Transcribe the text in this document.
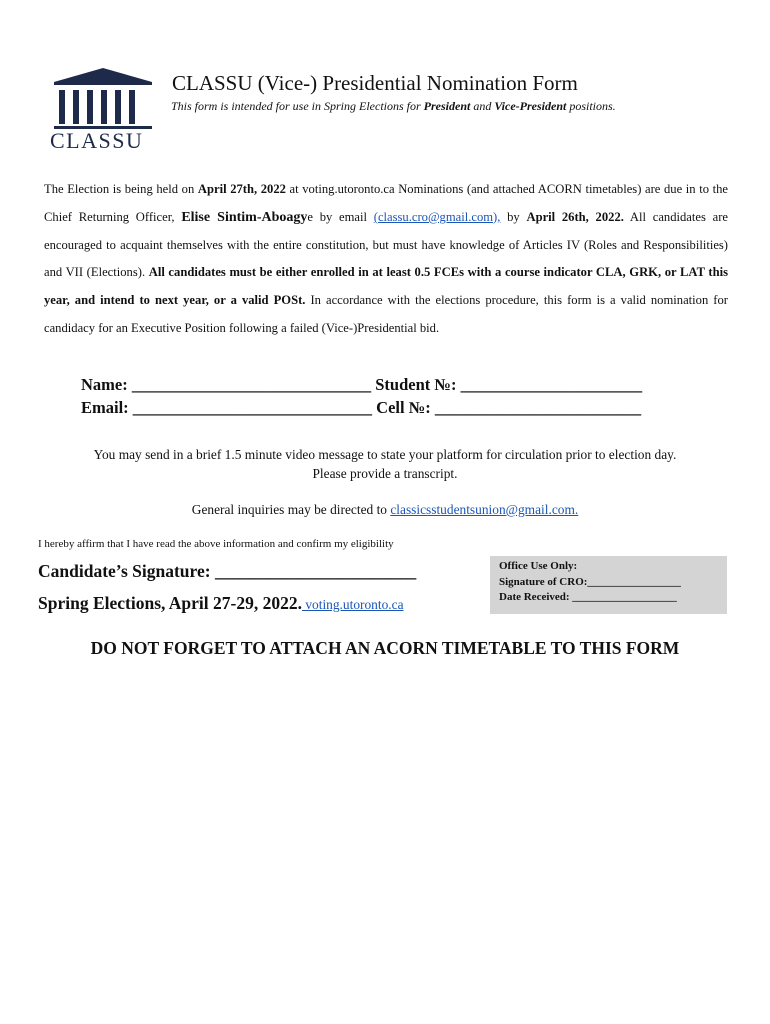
CLASSU
CLASSU (Vice-) Presidential Nomination Form
This form is intended for use in Spring Elections for President and Vice-President positions.
The Election is being held on April 27th, 2022 at voting.utoronto.ca Nominations (and attached ACORN timetables) are due in to the Chief Returning Officer, Elise Sintim-Aboagye by email (classu.cro@gmail.com), by April 26th, 2022. All candidates are encouraged to acquaint themselves with the entire constitution, but must have knowledge of Articles IV (Roles and Responsibilities) and VII (Elections). All candidates must be either enrolled in at least 0.5 FCEs with a course indicator CLA, GRK, or LAT this year, and intend to next year, or a valid POSt. In accordance with the elections procedure, this form is a valid nomination for candidacy for an Executive Position following a failed (Vice-)Presidential bid.
Name: _____________________________ Student №: ______________________
Email: _____________________________ Cell №: _________________________
You may send in a brief 1.5 minute video message to state your platform for circulation prior to election day.
Please provide a transcript.
General inquiries may be directed to classicsstudentsunion@gmail.com.
I hereby affirm that I have read the above information and confirm my eligibility
Candidate’s Signature: _______________________
Spring Elections, April 27-29, 2022. voting.utoronto.ca
Office Use Only:
Signature of CRO:_________________
Date Received: ___________________
DO NOT FORGET TO ATTACH AN ACORN TIMETABLE TO THIS FORM
